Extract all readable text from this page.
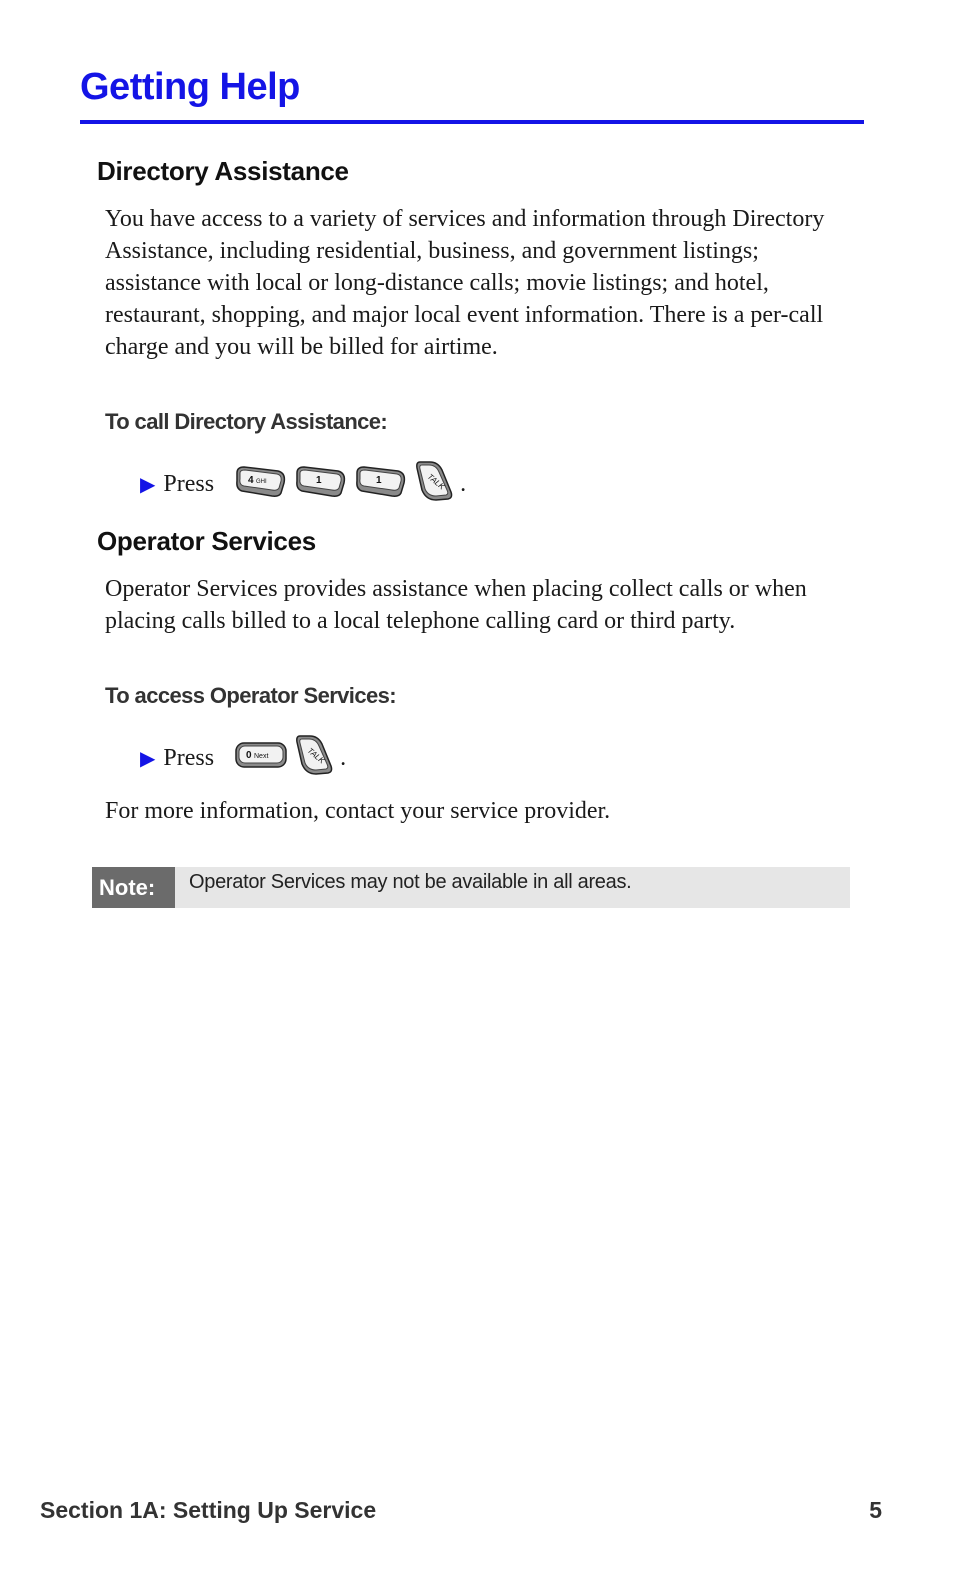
Getting Help
Directory Assistance

You have access to a variety of services and information through Directory Assistance, including residential, business, and government listings; assistance with local or long-distance calls; movie listings; and hotel, restaurant, shopping, and major local event information. There is a per-call charge and you will be billed for airtime.

To call Directory Assistance:
▶ Press	4 GHI	1	1	TALK .
Operator Services

Operator Services provides assistance when placing collect calls or when placing calls billed to a local telephone calling card or third party.

To access Operator Services:
▶ Press	0 Next	TALK .

For more information, contact your service provider.

Note:	Operator Services may not be available in all areas.

Section 1A: Setting Up Service	5
